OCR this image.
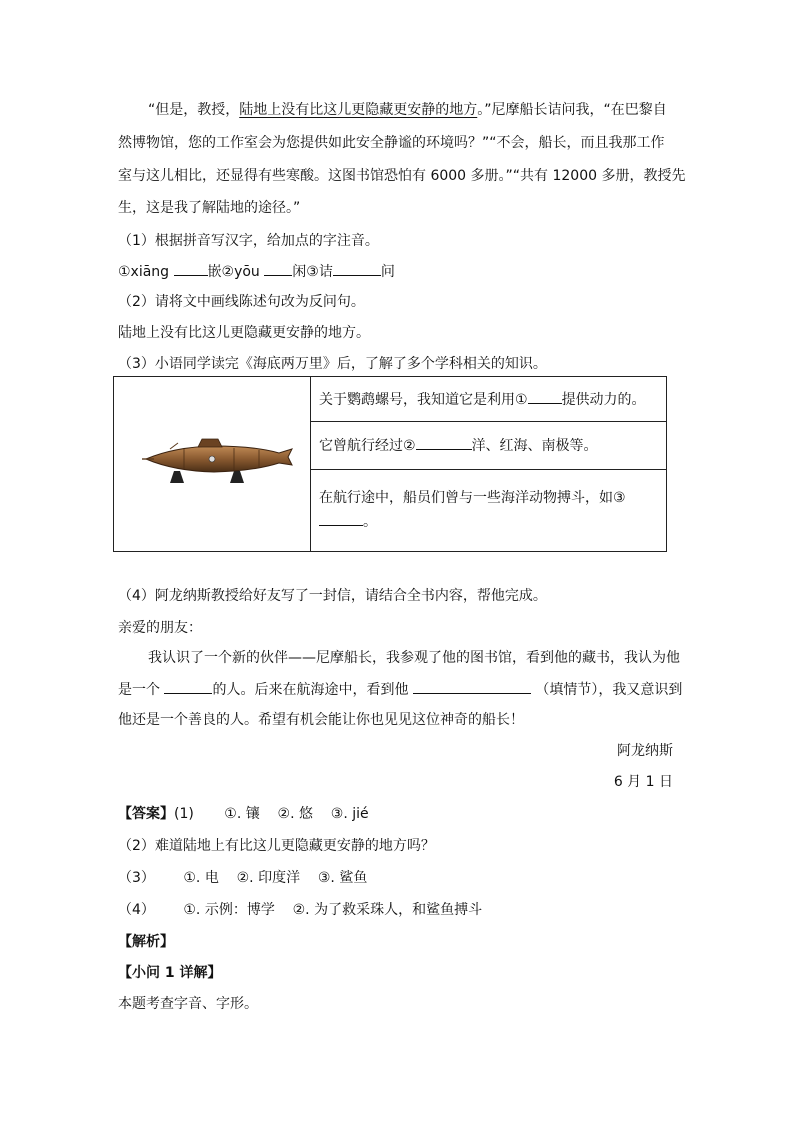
“但是，教授，陆地上没有比这儿更隐藏更安静的地方。”尼摩船长诘问我，“在巴黎自
然博物馆，您的工作室会为您提供如此安全静谧的环境吗？”“不会，船长，而且我那工作
室与这儿相比，还显得有些寒酸。这图书馆恐怕有 6000 多册。”“共有 12000 多册，教授先
生，这是我了解陆地的途径。”
（1）根据拼音写汉字，给加点的字注音。
①xiāng	嵌②yōu 闲③诘	问
（2）请将文中画线陈述句改为反问句。
陆地上没有比这儿更隐藏更安静的地方。
（3）小语同学读完《海底两万里》后，了解了多个学科相关的知识。
	关于鹦鹉螺号，我知道它是利用① 提供动力的。
它曾航行经过②	洋、红海、南极等。

在航行途中，船员们曾与一些海洋动物搏斗，如③
。
（4）阿龙纳斯教授给好友写了一封信，请结合全书内容，帮他完成。
亲爱的朋友：
我认识了一个新的伙伴——尼摩船长，我参观了他的图书馆，看到他的藏书，我认为他
是一个	的人。后来在航海途中，看到他	（填情节），我又意识到
他还是一个善良的人。希望有机会能让你也见见这位神奇的船长！
阿龙纳斯
6 月 1 日
【答案】(1) ①. 镶    ②. 悠    ③. jié
（2）难道陆地上有比这儿更隐藏更安静的地方吗？
（3） ①. 电    ②. 印度洋    ③. 鲨鱼
（4） ①. 示例：博学    ②. 为了救采珠人，和鲨鱼搏斗
【解析】
【小问 1 详解】
本题考查字音、字形。
